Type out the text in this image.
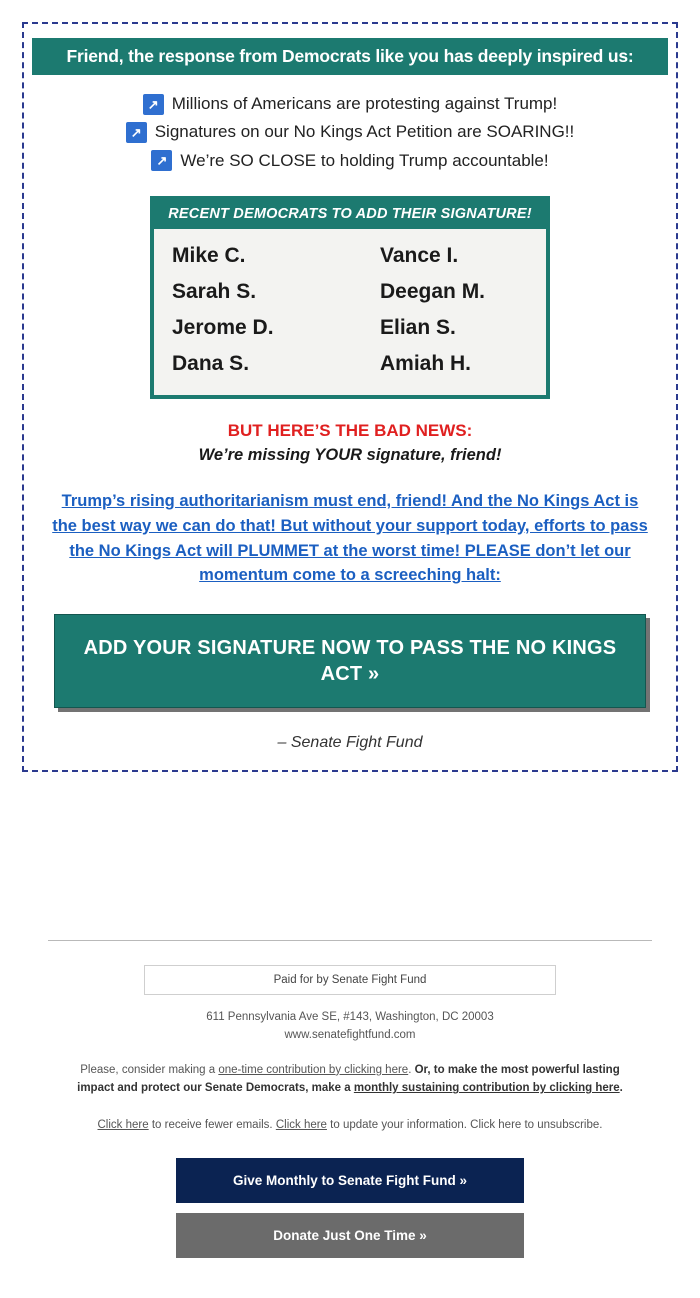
Friend, the response from Democrats like you has deeply inspired us:
↗ Millions of Americans are protesting against Trump!
↗ Signatures on our No Kings Act Petition are SOARING!!
↗ We’re SO CLOSE to holding Trump accountable!
RECENT DEMOCRATS TO ADD THEIR SIGNATURE!
Mike C.	Vance I.
Sarah S.	Deegan M.
Jerome D.	Elian S.
Dana S.	Amiah H.
BUT HERE’S THE BAD NEWS:
We’re missing YOUR signature, friend!
Trump’s rising authoritarianism must end, friend! And the No Kings Act is the best way we can do that! But without your support today, efforts to pass the No Kings Act will PLUMMET at the worst time! PLEASE don’t let our momentum come to a screeching halt:
ADD YOUR SIGNATURE NOW TO PASS THE NO KINGS ACT »
– Senate Fight Fund
Paid for by Senate Fight Fund
611 Pennsylvania Ave SE, #143, Washington, DC 20003
www.senatefightfund.com
Please, consider making a one-time contribution by clicking here. Or, to make the most powerful lasting impact and protect our Senate Democrats, make a monthly sustaining contribution by clicking here.
Click here to receive fewer emails. Click here to update your information. Click here to unsubscribe.
Give Monthly to Senate Fight Fund »
Donate Just One Time »
